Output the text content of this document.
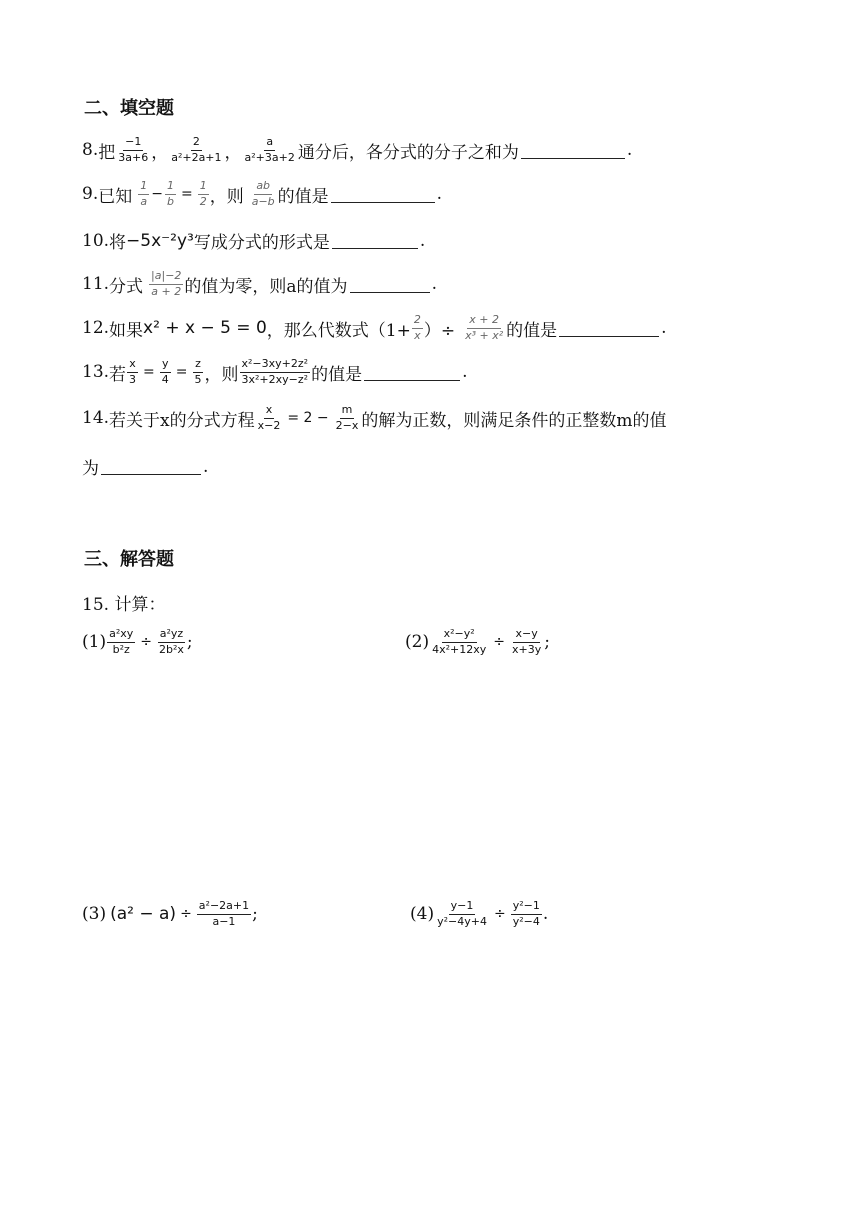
二、填空题
8. 把 $\frac{-1}{3a+6}$ ， $\frac{2}{\text{a²+2a+1}}$ ， $\frac{a}{\text{a²+3a+2}}$ 通分后，各分式的分子之和为	.
9. 已知 $\frac{1}{a} - \frac{1}{b} = \frac{1}{2}$ ，则 $\frac{ab}{a-b}$ 的值是	.
10. 将 −5x⁻²y³ 写成分式的形式是	.
11. 分式 $\frac{|a|-2}{a + 2}$ 的值为零，则a的值为	.
12. 如果 x² + x − 5 = 0 ，那么代数式（$1+ \frac{2}{x}$ ）÷ $\frac{x + 2}{\text{x³ + x²}}$ 的值是	.
13. 若 $\frac{x}{3} = \frac{y}{4} = \frac{z}{5}$ ，则 $\frac{\text{x²−3xy+2z²}}{\text{3x²+2xy−z²}}$ 的值是	.
14. 若关于x的分式方程 $\frac{x}{x-2} = 2 - \frac{m}{2-x}$ 的解为正数，则满足条件的正整数m的值
为	.
三、解答题
15. 计算：
$(1) \frac{\text{a²xy}}{\text{b²z}} \div \frac{\text{a²yz}}{\text{2b²x}}$ ;	$(2) \frac{\text{x²−y²}}{\text{4x²+12xy}} \div \frac{x-y}{x+3y}$ ;
(3) $(a^2 - a) \div \frac{\text{a²−2a+1}}{a-1}$ ;	$(4) \frac{y-1}{\text{y²−4y+4}} \div \frac{\text{y²−1}}{\text{y²−4}}$ .
